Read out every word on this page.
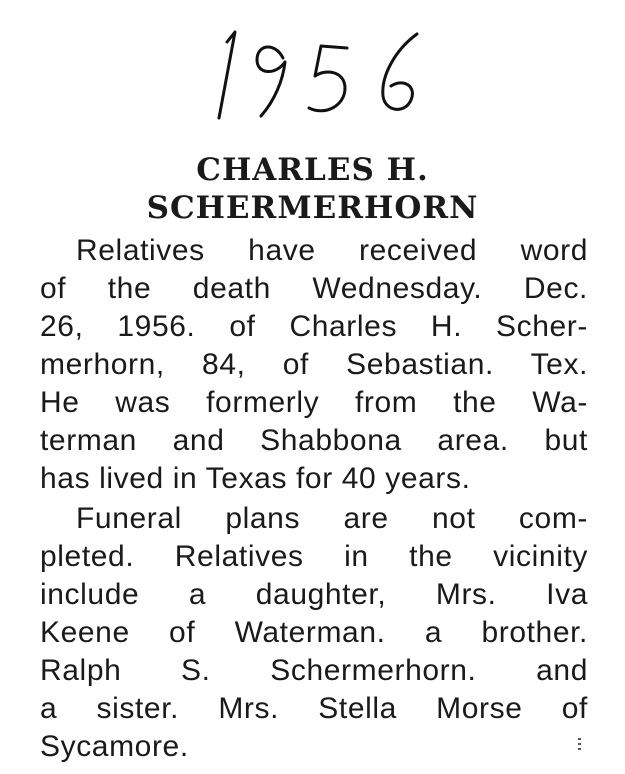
CHARLES H.
SCHERMERHORN
Relatives have received word
of the death Wednesday. Dec.
26, 1956. of Charles H. Scher-
merhorn, 84, of Sebastian. Tex.
He was formerly from the Wa-
terman and Shabbona area. but
has lived in Texas for 40 years.
Funeral plans are not com-
pleted. Relatives in the vicinity
include a daughter, Mrs. Iva
Keene of Waterman. a brother.
Ralph S. Schermerhorn. and
a sister. Mrs. Stella Morse of
Sycamore.
